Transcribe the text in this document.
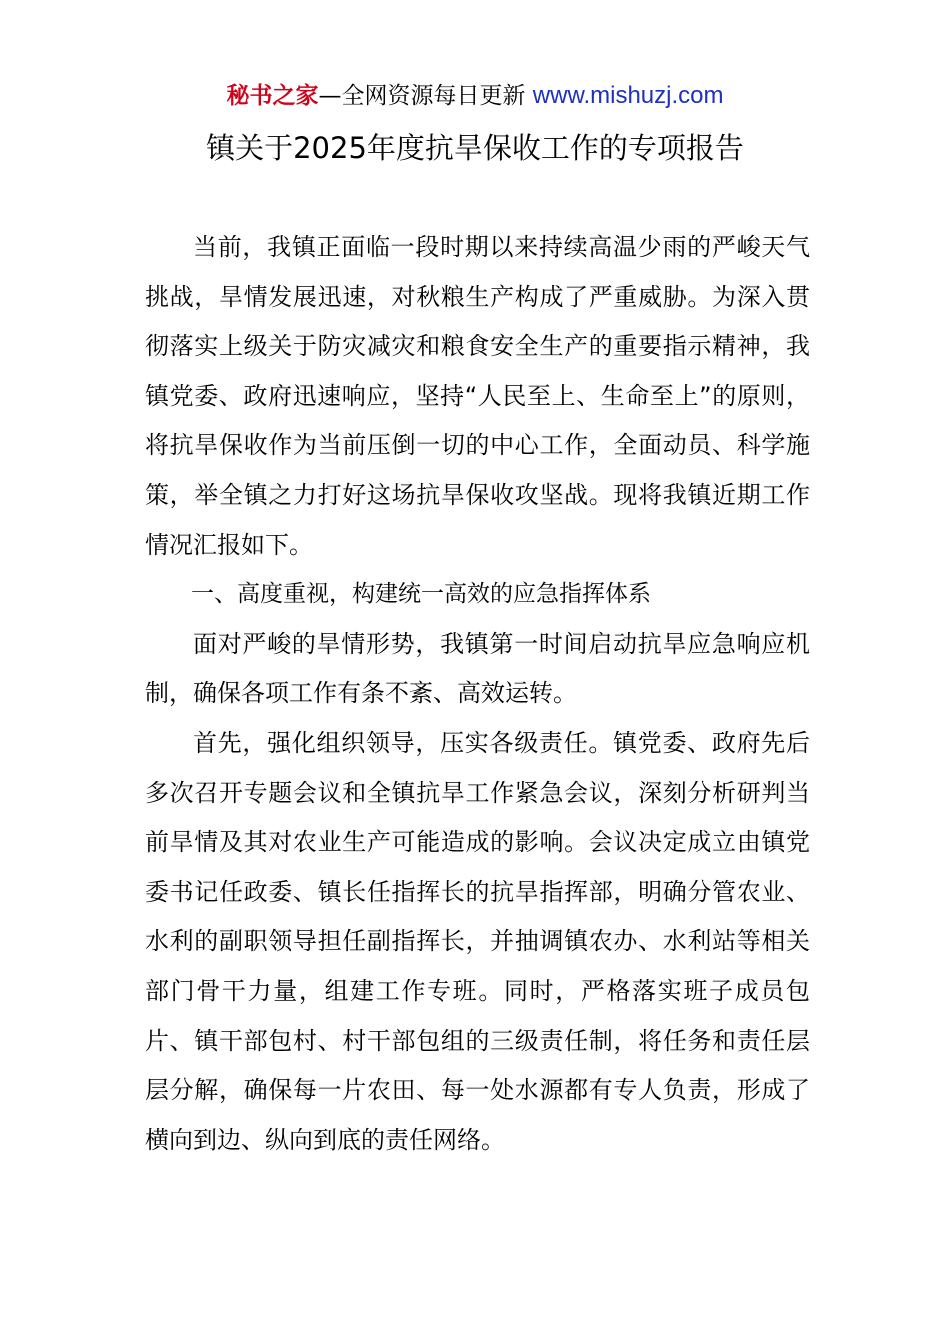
秘书之家—全网资源每日更新 www.mishuzj.com
镇关于2025年度抗旱保收工作的专项报告

当前，我镇正面临一段时期以来持续高温少雨的严峻天气挑战，旱情发展迅速，对秋粮生产构成了严重威胁。为深入贯彻落实上级关于防灾减灾和粮食安全生产的重要指示精神，我镇党委、政府迅速响应，坚持“人民至上、生命至上”的原则，将抗旱保收作为当前压倒一切的中心工作，全面动员、科学施策，举全镇之力打好这场抗旱保收攻坚战。现将我镇近期工作情况汇报如下。

一、高度重视，构建统一高效的应急指挥体系

面对严峻的旱情形势，我镇第一时间启动抗旱应急响应机制，确保各项工作有条不紊、高效运转。

首先，强化组织领导，压实各级责任。镇党委、政府先后多次召开专题会议和全镇抗旱工作紧急会议，深刻分析研判当前旱情及其对农业生产可能造成的影响。会议决定成立由镇党委书记任政委、镇长任指挥长的抗旱指挥部，明确分管农业、水利的副职领导担任副指挥长，并抽调镇农办、水利站等相关部门骨干力量，组建工作专班。同时，严格落实班子成员包片、镇干部包村、村干部包组的三级责任制，将任务和责任层层分解，确保每一片农田、每一处水源都有专人负责，形成了横向到边、纵向到底的责任网络。
